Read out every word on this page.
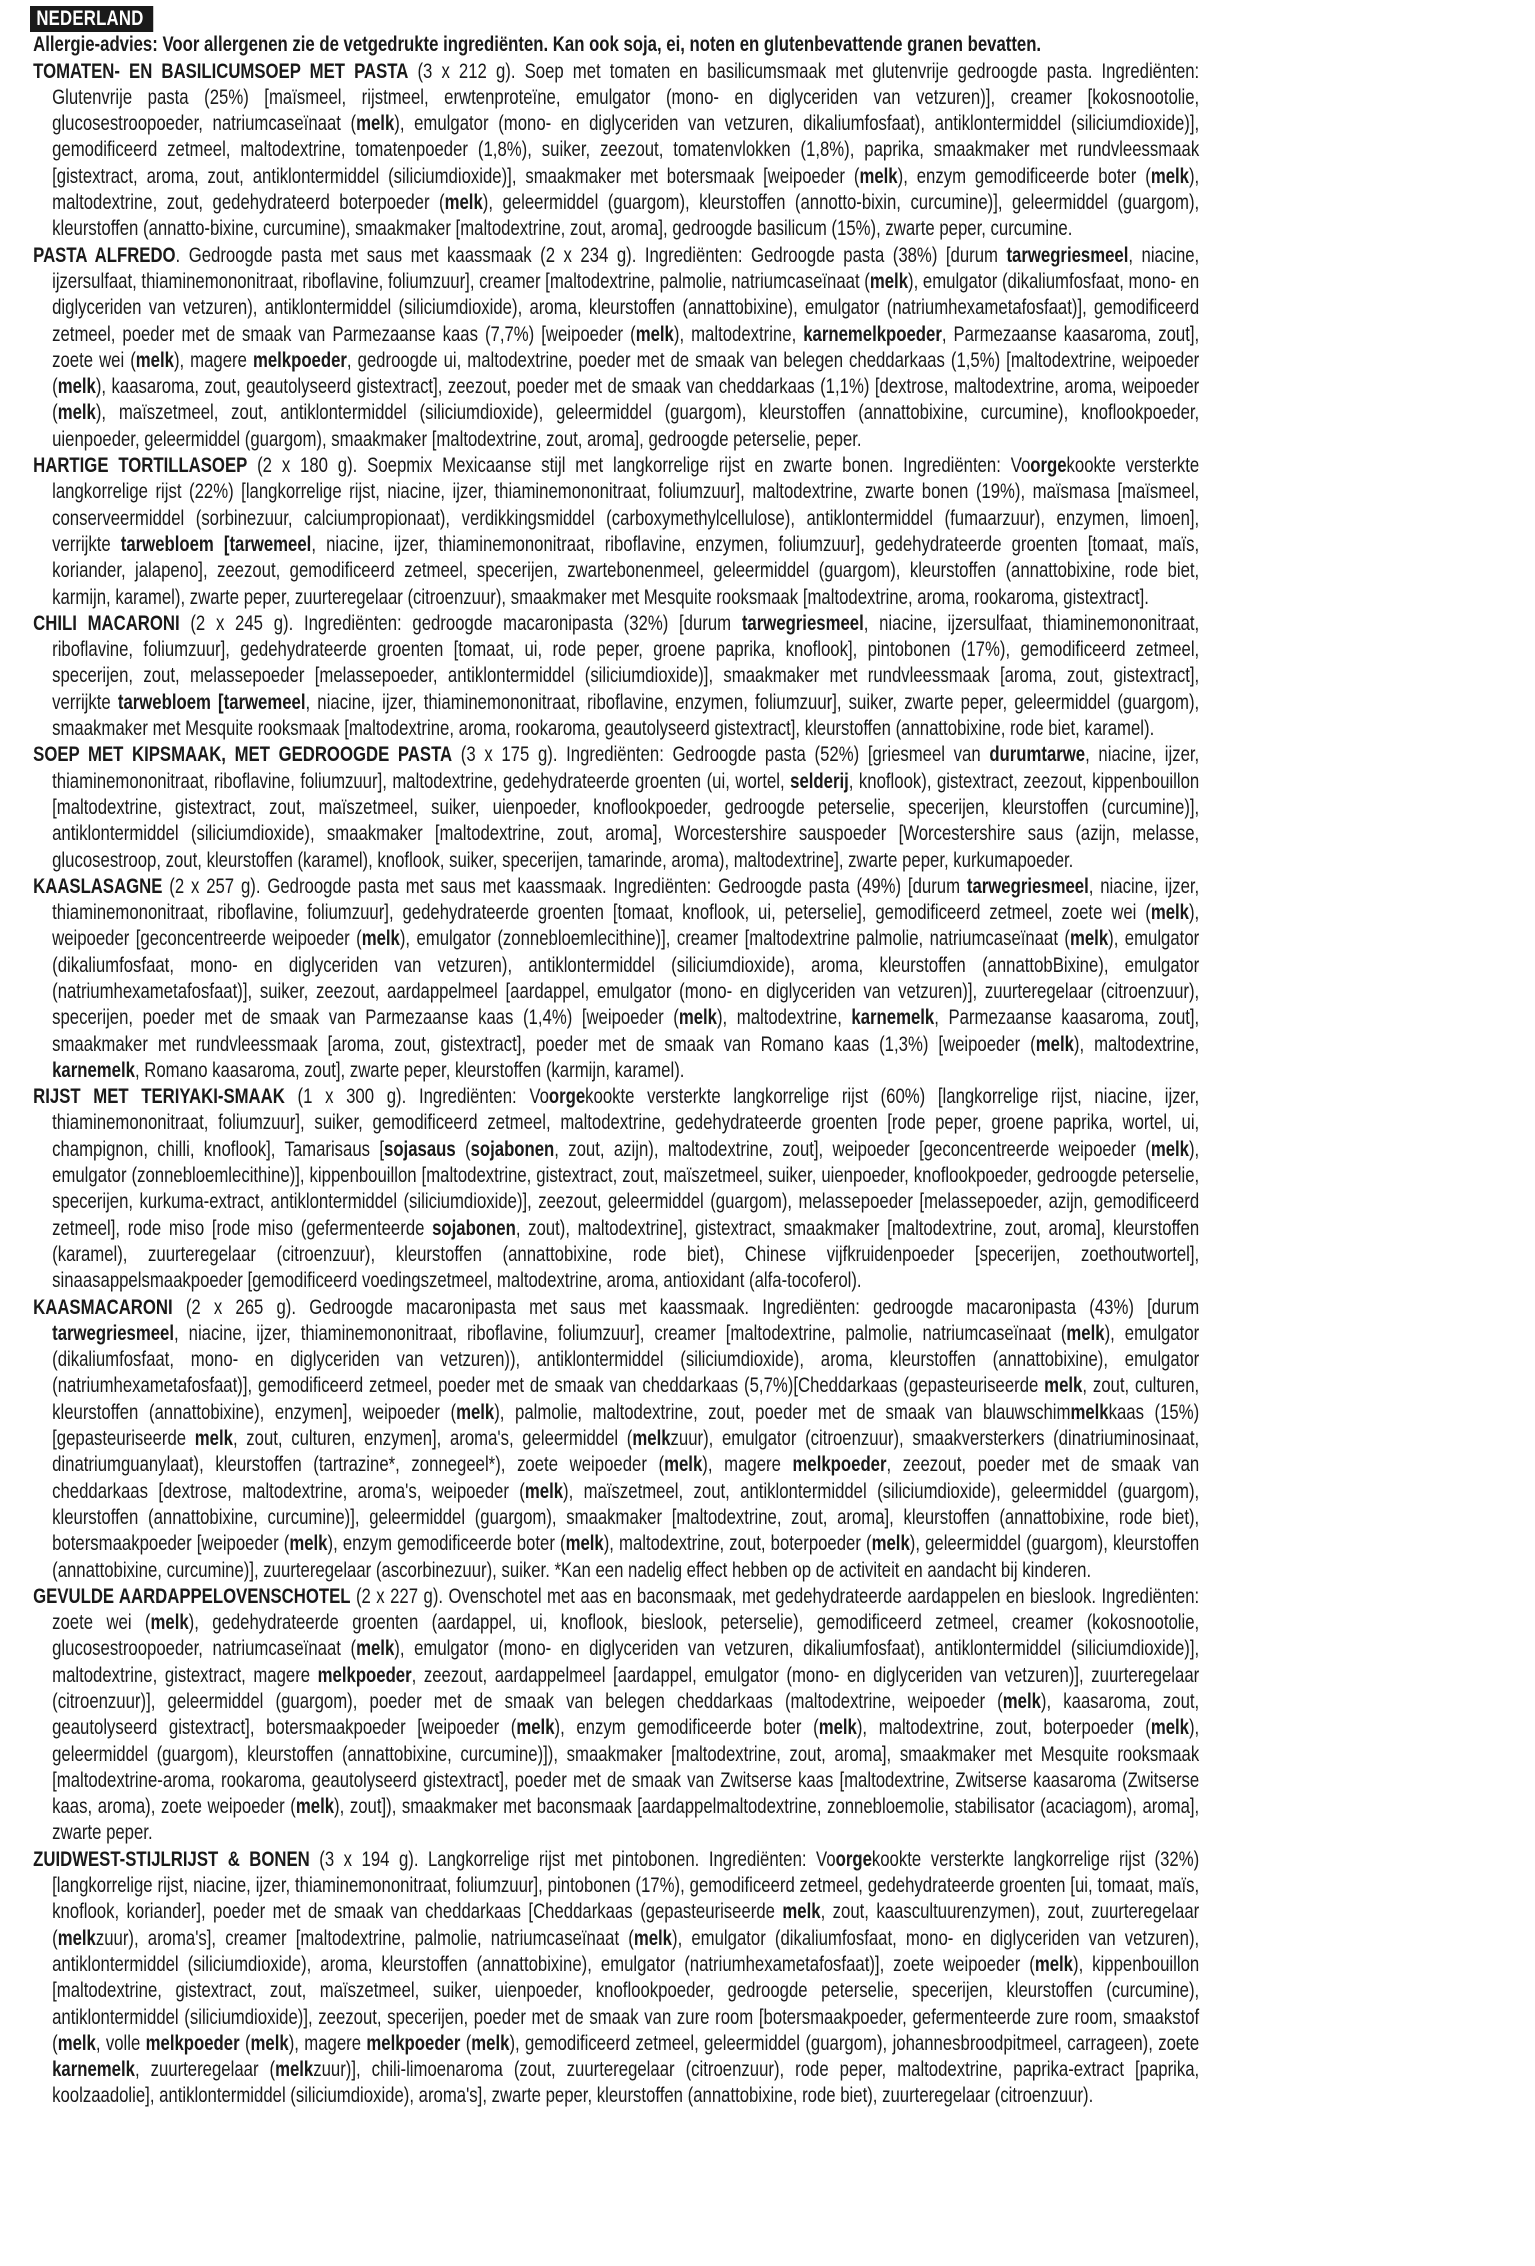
NEDERLAND
Allergie-advies: Voor allergenen zie de vetgedrukte ingrediënten. Kan ook soja, ei, noten en glutenbevattende granen bevatten.
TOMATEN- EN BASILICUMSOEP MET PASTA (3 x 212 g). Soep met tomaten en basilicumsmaak met glutenvrije gedroogde pasta. Ingrediënten: Glutenvrije pasta (25%) [maïsmeel, rijstmeel, erwtenproteïne, emulgator (mono- en diglyceriden van vetzuren)], creamer [kokosnootolie, glucosestroopoeder, natriumcaseïnaat (melk), emulgator (mono- en diglyceriden van vetzuren, dikaliumfosfaat), antiklontermiddel (siliciumdioxide)], gemodificeerd zetmeel, maltodextrine, tomatenpoeder (1,8%), suiker, zeezout, tomatenvlokken (1,8%), paprika, smaakmaker met rundvleessmaak [gistextract, aroma, zout, antiklontermiddel (siliciumdioxide)], smaakmaker met botersmaak [weipoeder (melk), enzym gemodificeerde boter (melk), maltodextrine, zout, gedehydrateerd boterpoeder (melk), geleermiddel (guargom), kleurstoffen (annotto-bixin, curcumine)], geleermiddel (guargom), kleurstoffen (annatto-bixine, curcumine), smaakmaker [maltodextrine, zout, aroma], gedroogde basilicum (15%), zwarte peper, curcumine.
PASTA ALFREDO. Gedroogde pasta met saus met kaassmaak (2 x 234 g). Ingrediënten: Gedroogde pasta (38%) [durum tarwegriesmeel, niacine, ijzersulfaat, thiaminemononitraat, riboflavine, foliumzuur], creamer [maltodextrine, palmolie, natriumcaseïnaat (melk), emulgator (dikaliumfosfaat, mono- en diglyceriden van vetzuren), antiklontermiddel (siliciumdioxide), aroma, kleurstoffen (annattobixine), emulgator (natriumhexametafosfaat)], gemodificeerd zetmeel, poeder met de smaak van Parmezaanse kaas (7,7%) [weipoeder (melk), maltodextrine, karnemelkpoeder, Parmezaanse kaasaroma, zout], zoete wei (melk), magere melkpoeder, gedroogde ui, maltodextrine, poeder met de smaak van belegen cheddarkaas (1,5%) [maltodextrine, weipoeder (melk), kaasaroma, zout, geautolyseerd gistextract], zeezout, poeder met de smaak van cheddarkaas (1,1%) [dextrose, maltodextrine, aroma, weipoeder (melk), maïszetmeel, zout, antiklontermiddel (siliciumdioxide), geleermiddel (guargom), kleurstoffen (annattobixine, curcumine), knoflookpoeder, uienpoeder, geleermiddel (guargom), smaakmaker [maltodextrine, zout, aroma], gedroogde peterselie, peper.
HARTIGE TORTILLASOEP (2 x 180 g). Soepmix Mexicaanse stijl met langkorrelige rijst en zwarte bonen. Ingrediënten: Voorgekookte versterkte langkorrelige rijst (22%) [langkorrelige rijst, niacine, ijzer, thiaminemononitraat, foliumzuur], maltodextrine, zwarte bonen (19%), maïsmasa [maïsmeel, conserveermiddel (sorbinezuur, calciumpropionaat), verdikkingsmiddel (carboxymethylcellulose), antiklontermiddel (fumaarzuur), enzymen, limoen], verrijkte tarwebloem [tarwemeel, niacine, ijzer, thiaminemononitraat, riboflavine, enzymen, foliumzuur], gedehydrateerde groenten [tomaat, maïs, koriander, jalapeno], zeezout, gemodificeerd zetmeel, specerijen, zwartebonenmeel, geleermiddel (guargom), kleurstoffen (annattobixine, rode biet, karmijn, karamel), zwarte peper, zuurteregelaar (citroenzuur), smaakmaker met Mesquite rooksmaak [maltodextrine, aroma, rookaroma, gistextract].
CHILI MACARONI (2 x 245 g). Ingrediënten: gedroogde macaronipasta (32%) [durum tarwegriesmeel, niacine, ijzersulfaat, thiaminemononitraat, riboflavine, foliumzuur], gedehydrateerde groenten [tomaat, ui, rode peper, groene paprika, knoflook], pintobonen (17%), gemodificeerd zetmeel, specerijen, zout, melassepoeder [melassepoeder, antiklontermiddel (siliciumdioxide)], smaakmaker met rundvleessmaak [aroma, zout, gistextract], verrijkte tarwebloem [tarwemeel, niacine, ijzer, thiaminemononitraat, riboflavine, enzymen, foliumzuur], suiker, zwarte peper, geleermiddel (guargom), smaakmaker met Mesquite rooksmaak [maltodextrine, aroma, rookaroma, geautolyseerd gistextract], kleurstoffen (annattobixine, rode biet, karamel).
SOEP MET KIPSMAAK, MET GEDROOGDE PASTA (3 x 175 g). Ingrediënten: Gedroogde pasta (52%) [griesmeel van durumtarwe, niacine, ijzer, thiaminemononitraat, riboflavine, foliumzuur], maltodextrine, gedehydrateerde groenten (ui, wortel, selderij, knoflook), gistextract, zeezout, kippenbouillon [maltodextrine, gistextract, zout, maïszetmeel, suiker, uienpoeder, knoflookpoeder, gedroogde peterselie, specerijen, kleurstoffen (curcumine)], antiklontermiddel (siliciumdioxide), smaakmaker [maltodextrine, zout, aroma], Worcestershire sauspoeder [Worcestershire saus (azijn, melasse, glucosestroop, zout, kleurstoffen (karamel), knoflook, suiker, specerijen, tamarinde, aroma), maltodextrine], zwarte peper, kurkumapoeder.
KAASLASAGNE (2 x 257 g). Gedroogde pasta met saus met kaassmaak. Ingrediënten: Gedroogde pasta (49%) [durum tarwegriesmeel, niacine, ijzer, thiaminemononitraat, riboflavine, foliumzuur], gedehydrateerde groenten [tomaat, knoflook, ui, peterselie], gemodificeerd zetmeel, zoete wei (melk), weipoeder [geconcentreerde weipoeder (melk), emulgator (zonnebloemlecithine)], creamer [maltodextrine palmolie, natriumcaseïnaat (melk), emulgator (dikaliumfosfaat, mono- en diglyceriden van vetzuren), antiklontermiddel (siliciumdioxide), aroma, kleurstoffen (annattobBixine), emulgator (natriumhexametafosfaat)], suiker, zeezout, aardappelmeel [aardappel, emulgator (mono- en diglyceriden van vetzuren)], zuurteregelaar (citroenzuur), specerijen, poeder met de smaak van Parmezaanse kaas (1,4%) [weipoeder (melk), maltodextrine, karnemelk, Parmezaanse kaasaroma, zout], smaakmaker met rundvleessmaak [aroma, zout, gistextract], poeder met de smaak van Romano kaas (1,3%) [weipoeder (melk), maltodextrine, karnemelk, Romano kaasaroma, zout], zwarte peper, kleurstoffen (karmijn, karamel).
RIJST MET TERIYAKI-SMAAK (1 x 300 g). Ingrediënten: Voorgekookte versterkte langkorrelige rijst (60%) [langkorrelige rijst, niacine, ijzer, thiaminemononitraat, foliumzuur], suiker, gemodificeerd zetmeel, maltodextrine, gedehydrateerde groenten [rode peper, groene paprika, wortel, ui, champignon, chilli, knoflook], Tamarisaus [sojasaus (sojabonen, zout, azijn), maltodextrine, zout], weipoeder [geconcentreerde weipoeder (melk), emulgator (zonnebloemlecithine)], kippenbouillon [maltodextrine, gistextract, zout, maïszetmeel, suiker, uienpoeder, knoflookpoeder, gedroogde peterselie, specerijen, kurkuma-extract, antiklontermiddel (siliciumdioxide)], zeezout, geleermiddel (guargom), melassepoeder [melassepoeder, azijn, gemodificeerd zetmeel], rode miso [rode miso (gefermenteerde sojabonen, zout), maltodextrine], gistextract, smaakmaker [maltodextrine, zout, aroma], kleurstoffen (karamel), zuurteregelaar (citroenzuur), kleurstoffen (annattobixine, rode biet), Chinese vijfkruidenpoeder [specerijen, zoethoutwortel], sinaasappelsmaakpoeder [gemodificeerd voedingszetmeel, maltodextrine, aroma, antioxidant (alfa-tocoferol).
KAASMACARONI (2 x 265 g). Gedroogde macaronipasta met saus met kaassmaak. Ingrediënten: gedroogde macaronipasta (43%) [durum tarwegriesmeel, niacine, ijzer, thiaminemononitraat, riboflavine, foliumzuur], creamer [maltodextrine, palmolie, natriumcaseïnaat (melk), emulgator (dikaliumfosfaat, mono- en diglyceriden van vetzuren)), antiklontermiddel (siliciumdioxide), aroma, kleurstoffen (annattobixine), emulgator (natriumhexametafosfaat)], gemodificeerd zetmeel, poeder met de smaak van cheddarkaas (5,7%)[Cheddarkaas (gepasteuriseerde melk, zout, culturen, kleurstoffen (annattobixine), enzymen], weipoeder (melk), palmolie, maltodextrine, zout, poeder met de smaak van blauwschimmelkkaas (15%) [gepasteuriseerde melk, zout, culturen, enzymen], aroma's, geleermiddel (melkzuur), emulgator (citroenzuur), smaakversterkers (dinatriuminosinaat, dinatriumguanylaat), kleurstoffen (tartrazine*, zonnegeel*), zoete weipoeder (melk), magere melkpoeder, zeezout, poeder met de smaak van cheddarkaas [dextrose, maltodextrine, aroma's, weipoeder (melk), maïszetmeel, zout, antiklontermiddel (siliciumdioxide), geleermiddel (guargom), kleurstoffen (annattobixine, curcumine)], geleermiddel (guargom), smaakmaker [maltodextrine, zout, aroma], kleurstoffen (annattobixine, rode biet), botersmaakpoeder [weipoeder (melk), enzym gemodificeerde boter (melk), maltodextrine, zout, boterpoeder (melk), geleermiddel (guargom), kleurstoffen (annattobixine, curcumine)], zuurteregelaar (ascorbinezuur), suiker. *Kan een nadelig effect hebben op de activiteit en aandacht bij kinderen.
GEVULDE AARDAPPELOVENSCHOTEL (2 x 227 g). Ovenschotel met aas en baconsmaak, met gedehydrateerde aardappelen en bieslook. Ingrediënten: zoete wei (melk), gedehydrateerde groenten (aardappel, ui, knoflook, bieslook, peterselie), gemodificeerd zetmeel, creamer (kokosnootolie, glucosestroopoeder, natriumcaseïnaat (melk), emulgator (mono- en diglyceriden van vetzuren, dikaliumfosfaat), antiklontermiddel (siliciumdioxide)], maltodextrine, gistextract, magere melkpoeder, zeezout, aardappelmeel [aardappel, emulgator (mono- en diglyceriden van vetzuren)], zuurteregelaar (citroenzuur)], geleermiddel (guargom), poeder met de smaak van belegen cheddarkaas (maltodextrine, weipoeder (melk), kaasaroma, zout, geautolyseerd gistextract], botersmaakpoeder [weipoeder (melk), enzym gemodificeerde boter (melk), maltodextrine, zout, boterpoeder (melk), geleermiddel (guargom), kleurstoffen (annattobixine, curcumine)]), smaakmaker [maltodextrine, zout, aroma], smaakmaker met Mesquite rooksmaak [maltodextrine-aroma, rookaroma, geautolyseerd gistextract], poeder met de smaak van Zwitserse kaas [maltodextrine, Zwitserse kaasaroma (Zwitserse kaas, aroma), zoete weipoeder (melk), zout]), smaakmaker met baconsmaak [aardappelmaltodextrine, zonnebloemolie, stabilisator (acaciagom), aroma], zwarte peper.
ZUIDWEST-STIJLRIJST & BONEN (3 x 194 g). Langkorrelige rijst met pintobonen. Ingrediënten: Voorgekookte versterkte langkorrelige rijst (32%) [langkorrelige rijst, niacine, ijzer, thiaminemononitraat, foliumzuur], pintobonen (17%), gemodificeerd zetmeel, gedehydrateerde groenten [ui, tomaat, maïs, knoflook, koriander], poeder met de smaak van cheddarkaas [Cheddarkaas (gepasteuriseerde melk, zout, kaascultuurenzymen), zout, zuurteregelaar (melkzuur), aroma's], creamer [maltodextrine, palmolie, natriumcaseïnaat (melk), emulgator (dikaliumfosfaat, mono- en diglyceriden van vetzuren), antiklontermiddel (siliciumdioxide), aroma, kleurstoffen (annattobixine), emulgator (natriumhexametafosfaat)], zoete weipoeder (melk), kippenbouillon [maltodextrine, gistextract, zout, maïszetmeel, suiker, uienpoeder, knoflookpoeder, gedroogde peterselie, specerijen, kleurstoffen (curcumine), antiklontermiddel (siliciumdioxide)], zeezout, specerijen, poeder met de smaak van zure room [botersmaakpoeder, gefermenteerde zure room, smaakstof (melk, volle melkpoeder (melk), magere melkpoeder (melk), gemodificeerd zetmeel, geleermiddel (guargom), johannesbroodpitmeel, carrageen), zoete karnemelk, zuurteregelaar (melkzuur)], chili-limoenaroma (zout, zuurteregelaar (citroenzuur), rode peper, maltodextrine, paprika-extract [paprika, koolzaadolie], antiklontermiddel (siliciumdioxide), aroma's], zwarte peper, kleurstoffen (annattobixine, rode biet), zuurteregelaar (citroenzuur).
